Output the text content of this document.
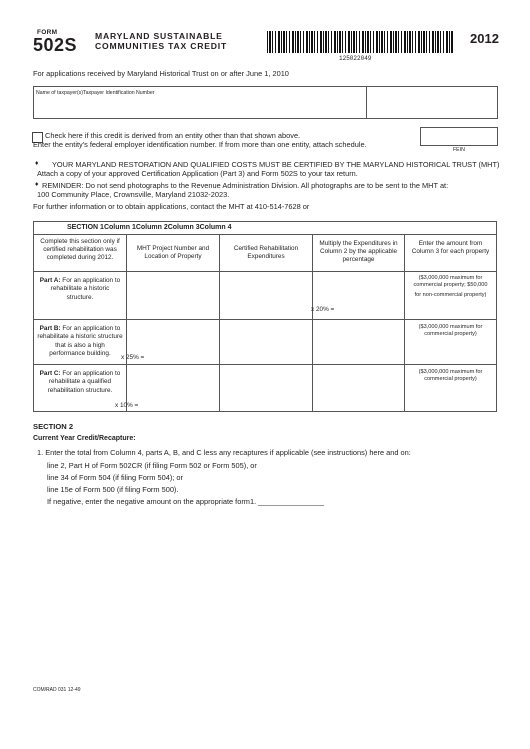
FORM
502S MARYLAND SUSTAINABLE
COMMUNITIES TAX CREDIT
125022049
2012
For applications received by Maryland Historical Trust on or after June 1, 2010
Name of taxpayer(s)Taxpayer Identification Number
Check here if this credit is derived from an entity other than that shown above.
Enter the entity's federal employer identification number. If from more than one entity, attach schedule.
FEIN
♦ YOUR MARYLAND RESTORATION AND QUALIFIED COSTS MUST BE CERTIFIED BY THE MARYLAND HISTORICAL TRUST (MHT)
Attach a copy of your approved Certification Application (Part 3) and Form 502S to your tax return.
♦ REMINDER: Do not send photographs to the Revenue Administration Division. All photographs are to be sent to the MHT at:
100 Community Place, Crownsville, Maryland 21032-2023.
For further information or to obtain applications, contact the MHT at 410-514-7628 or
SECTION 1Column 1Column 2Column 3Column 4				
Complete this section only if certified rehabilitation was completed during 2012.	MHT Project Number and Location of Property	Certified Rehabilitation Expenditures	Multiply the Expenditures in Column 2 by the applicable percentage	Enter the amount from Column 3 for each property

Part A: For an application to rehabilitate a historic structure.			x 20% =	($3,000,000 maximum for commercial property; $50,000
for non-commercial property)

Part B: For an application to rehabilitate a historic structure that is also a high performance building.	x 25% =			($3,000,000 maximum for commercial property)

Part C: For an application to rehabilitate a qualified rehabilitation structure.	x 10% =			($3,000,000 maximum for commercial property)
SECTION 2
Current Year Credit/Recapture:
1. Enter the total from Column 4, parts A, B, and C less any recaptures if applicable (see instructions) here and on:
line 2, Part H of Form 502CR (if filing Form 502 or Form 505), or
line 34 of Form 504 (if filing Form 504); or
line 15e of Form 500 (if filing Form 500).
If negative, enter the negative amount on the appropriate form1. ________________
COM/RAD 031 12-49
